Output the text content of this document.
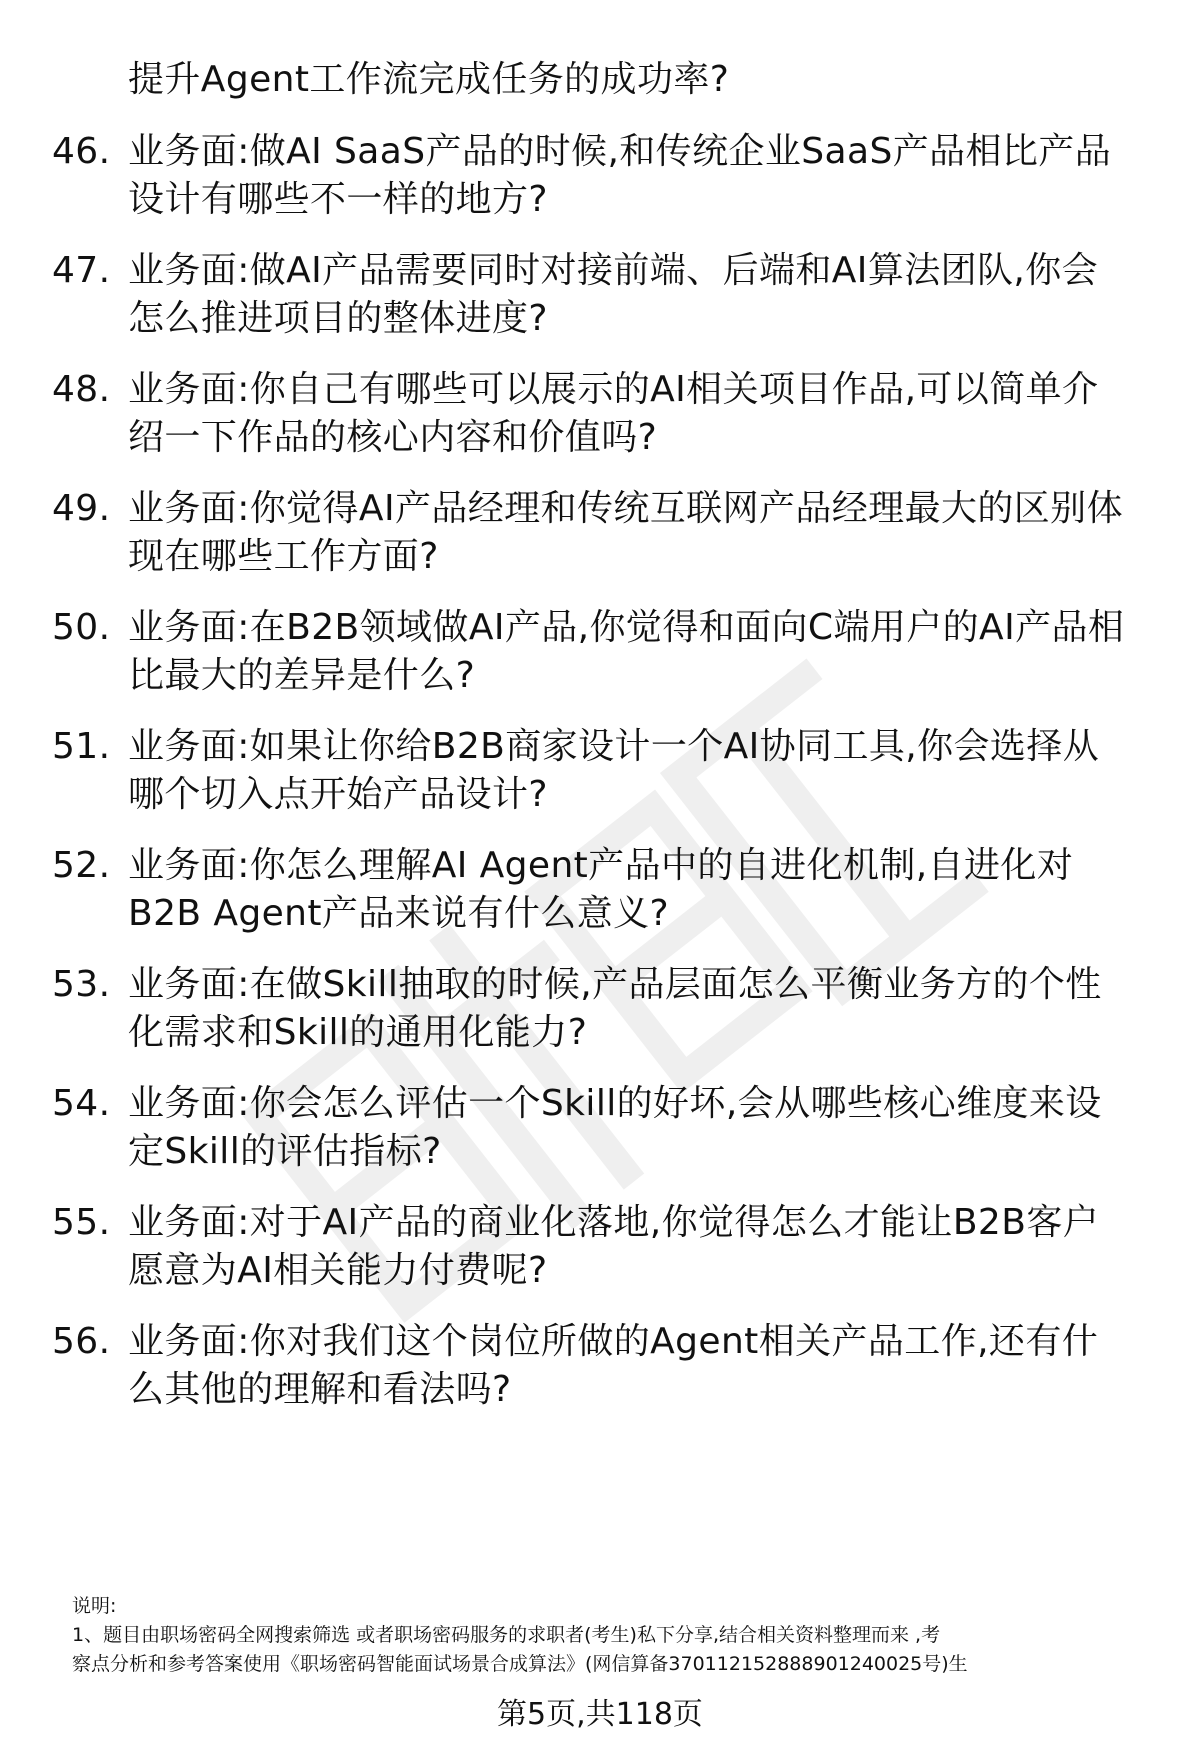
提升Agent工作流完成任务的成功率?
46. 业务面:做AI SaaS产品的时候,和传统企业SaaS产品相比产品
设计有哪些不一样的地方?
47. 业务面:做AI产品需要同时对接前端、后端和AI算法团队,你会
怎么推进项目的整体进度?
48. 业务面:你自己有哪些可以展示的AI相关项目作品,可以简单介
绍一下作品的核心内容和价值吗?
49. 业务面:你觉得AI产品经理和传统互联网产品经理最大的区别体
现在哪些工作方面?
50. 业务面:在B2B领域做AI产品,你觉得和面向C端用户的AI产品相
比最大的差异是什么?
51. 业务面:如果让你给B2B商家设计一个AI协同工具,你会选择从
哪个切入点开始产品设计?
52. 业务面:你怎么理解AI Agent产品中的自进化机制,自进化对
B2B Agent产品来说有什么意义?
53. 业务面:在做Skill抽取的时候,产品层面怎么平衡业务方的个性
化需求和Skill的通用化能力?
54. 业务面:你会怎么评估一个Skill的好坏,会从哪些核心维度来设
定Skill的评估指标?
55. 业务面:对于AI产品的商业化落地,你觉得怎么才能让B2B客户
愿意为AI相关能力付费呢?
56. 业务面:你对我们这个岗位所做的Agent相关产品工作,还有什
么其他的理解和看法吗?
说明:
1、题目由职场密码全网搜索筛选 或者职场密码服务的求职者(考生)私下分享,结合相关资料整理而来 ,考
察点分析和参考答案使用《职场密码智能面试场景合成算法》(网信算备370112152888901240025号)生
第5页,共118页
